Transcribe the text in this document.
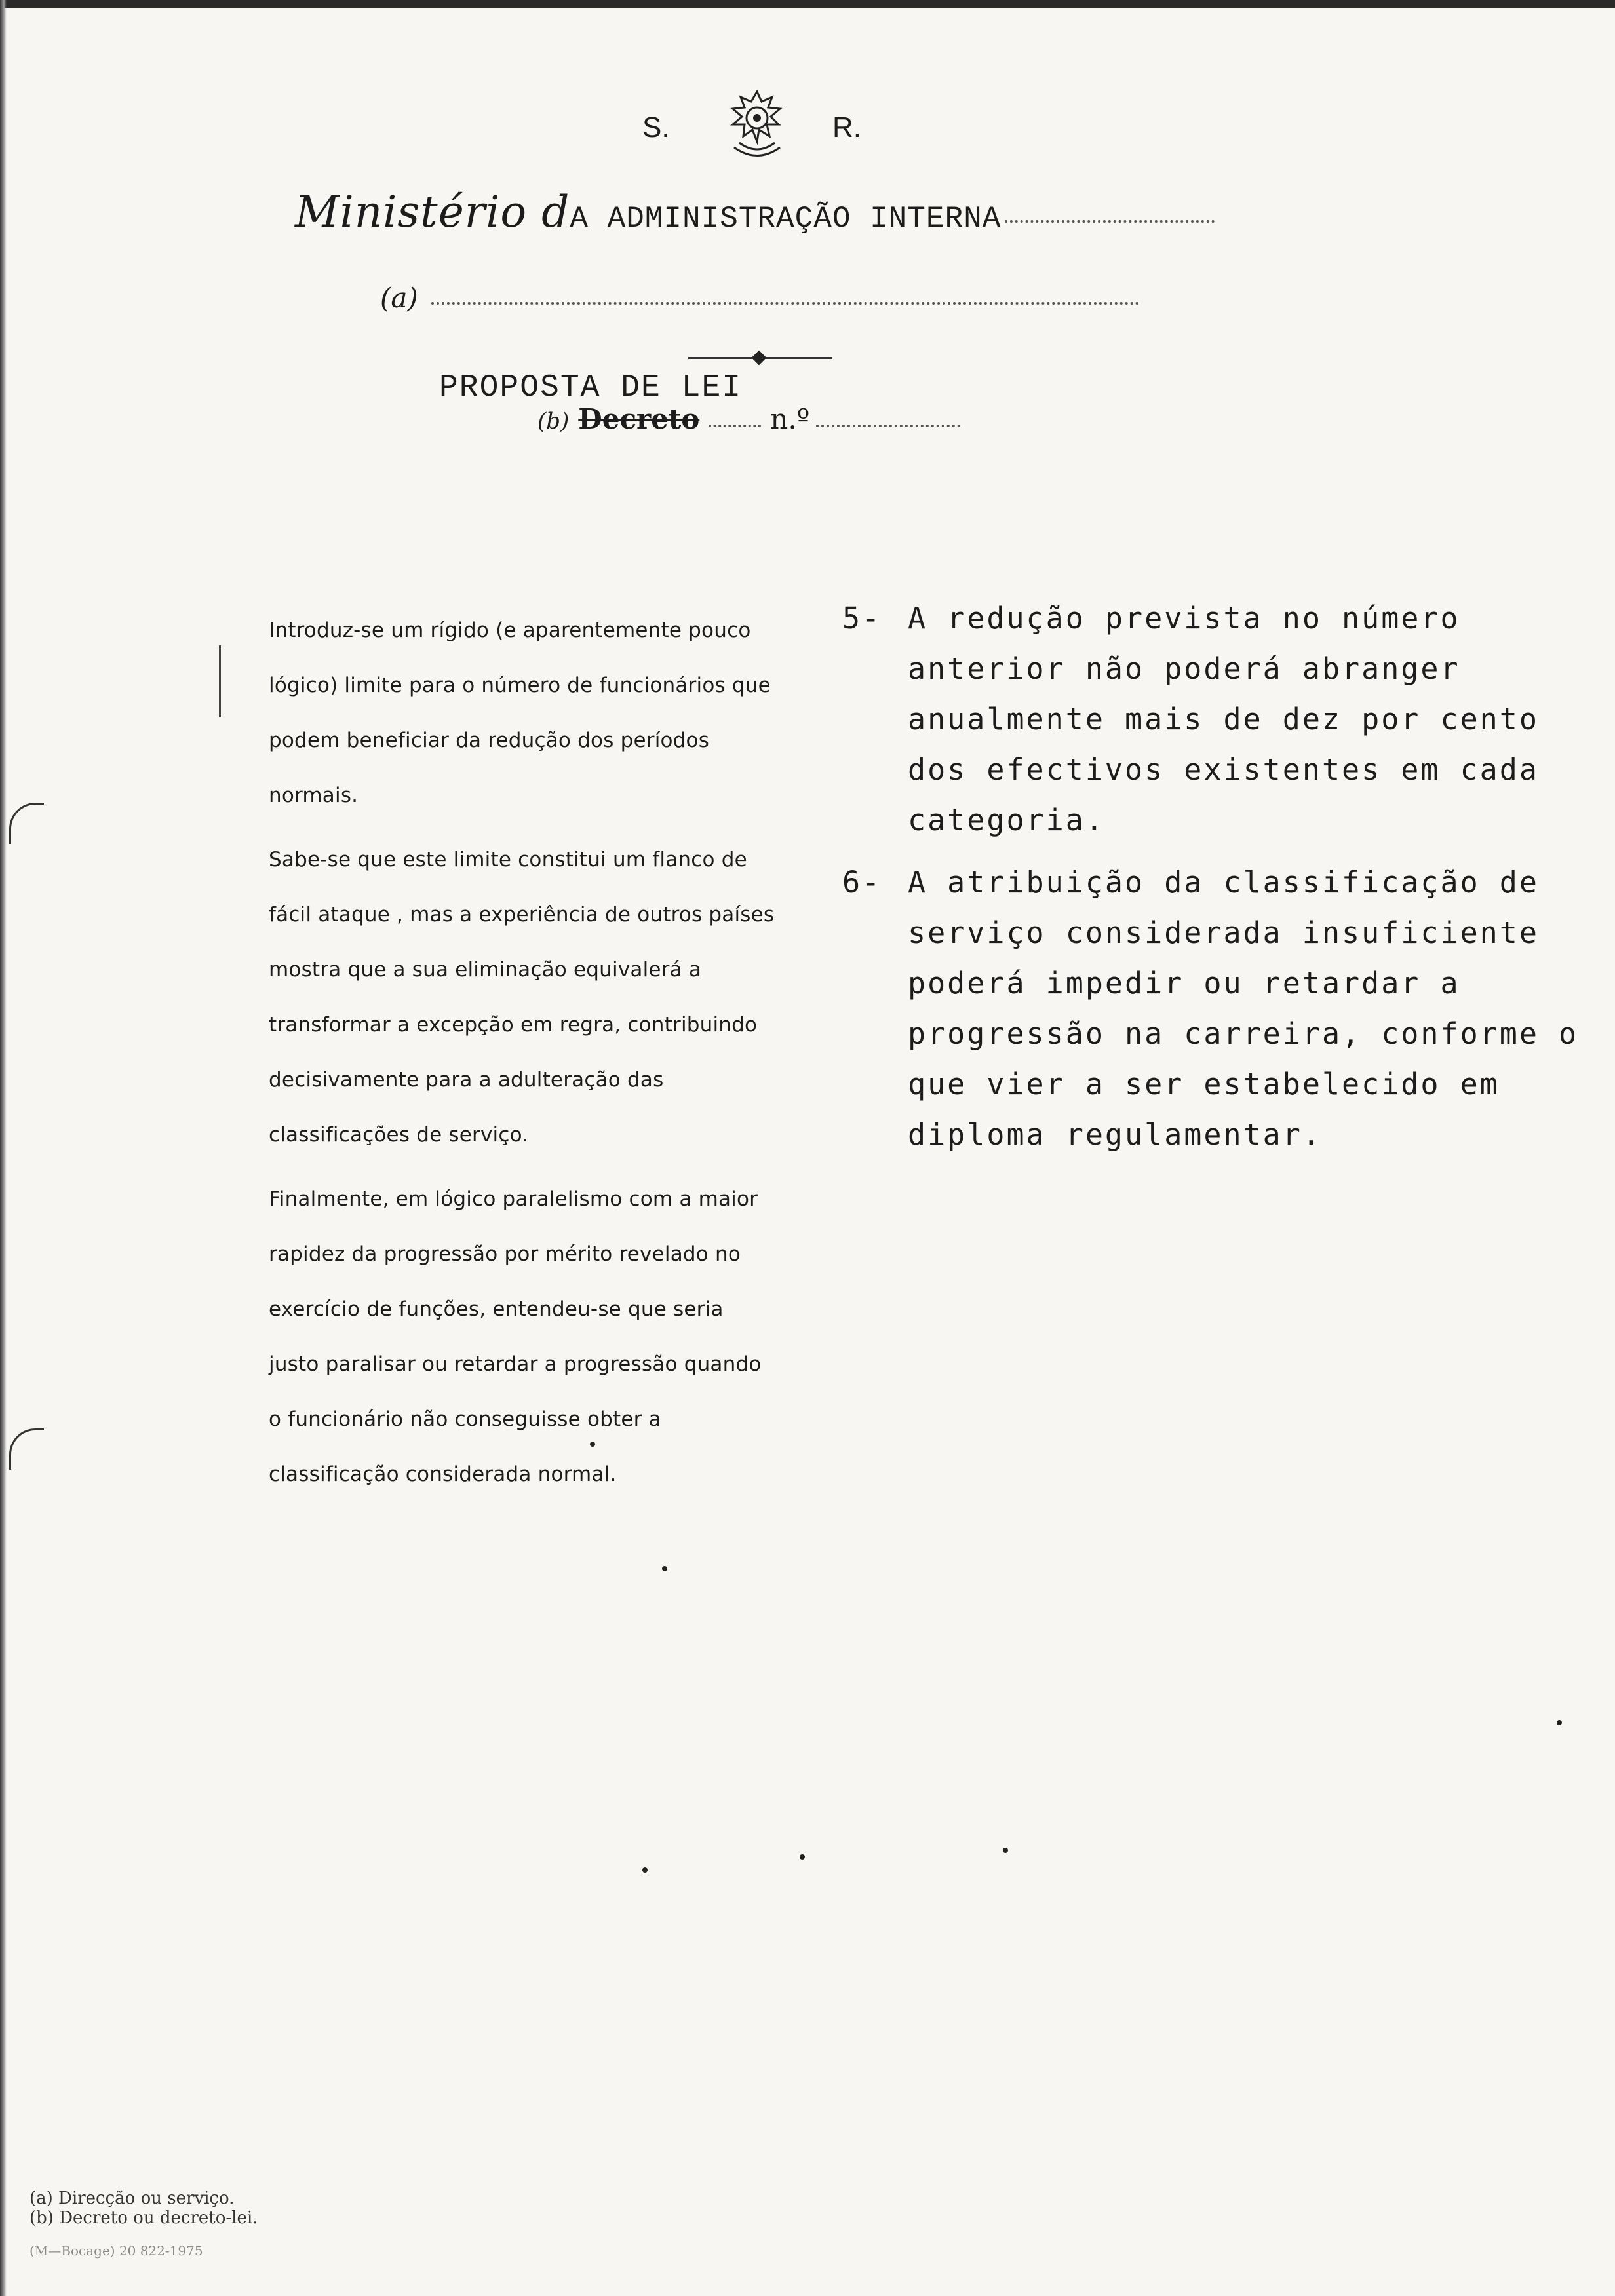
S.	R.
Ministério dA ADMINISTRAÇÃO INTERNA
(a)
PROPOSTA DE LEI
(b) Decreto	n.º

Introduz-se um rígido (e aparentemente pouco lógico) limite para o número de funcionários que podem beneficiar da redução dos períodos normais.

Sabe-se que este limite constitui um flanco de fácil ataque , mas a experiência de outros países mostra que a sua eliminação equivalerá a transformar a excepção em regra, contribuindo decisivamente para a adulteração das classificações de serviço.

Finalmente, em lógico paralelismo com a maior rapidez da progressão por mérito revelado no exercício de funções, entendeu-se que seria justo paralisar ou retardar a progressão quando o funcionário não conseguisse obter a classificação considerada normal.

5- A redução prevista no número anterior não poderá abranger anualmente mais de dez por cento dos efectivos existentes em cada categoria.
6- A atribuição da classificação de serviço considerada insuficiente poderá impedir ou retardar a progressão na carreira, conforme o que vier a ser estabelecido em diploma regulamentar.
(a) Direcção ou serviço.
(b) Decreto ou decreto-lei.
(M—Bocage) 20 822-1975
